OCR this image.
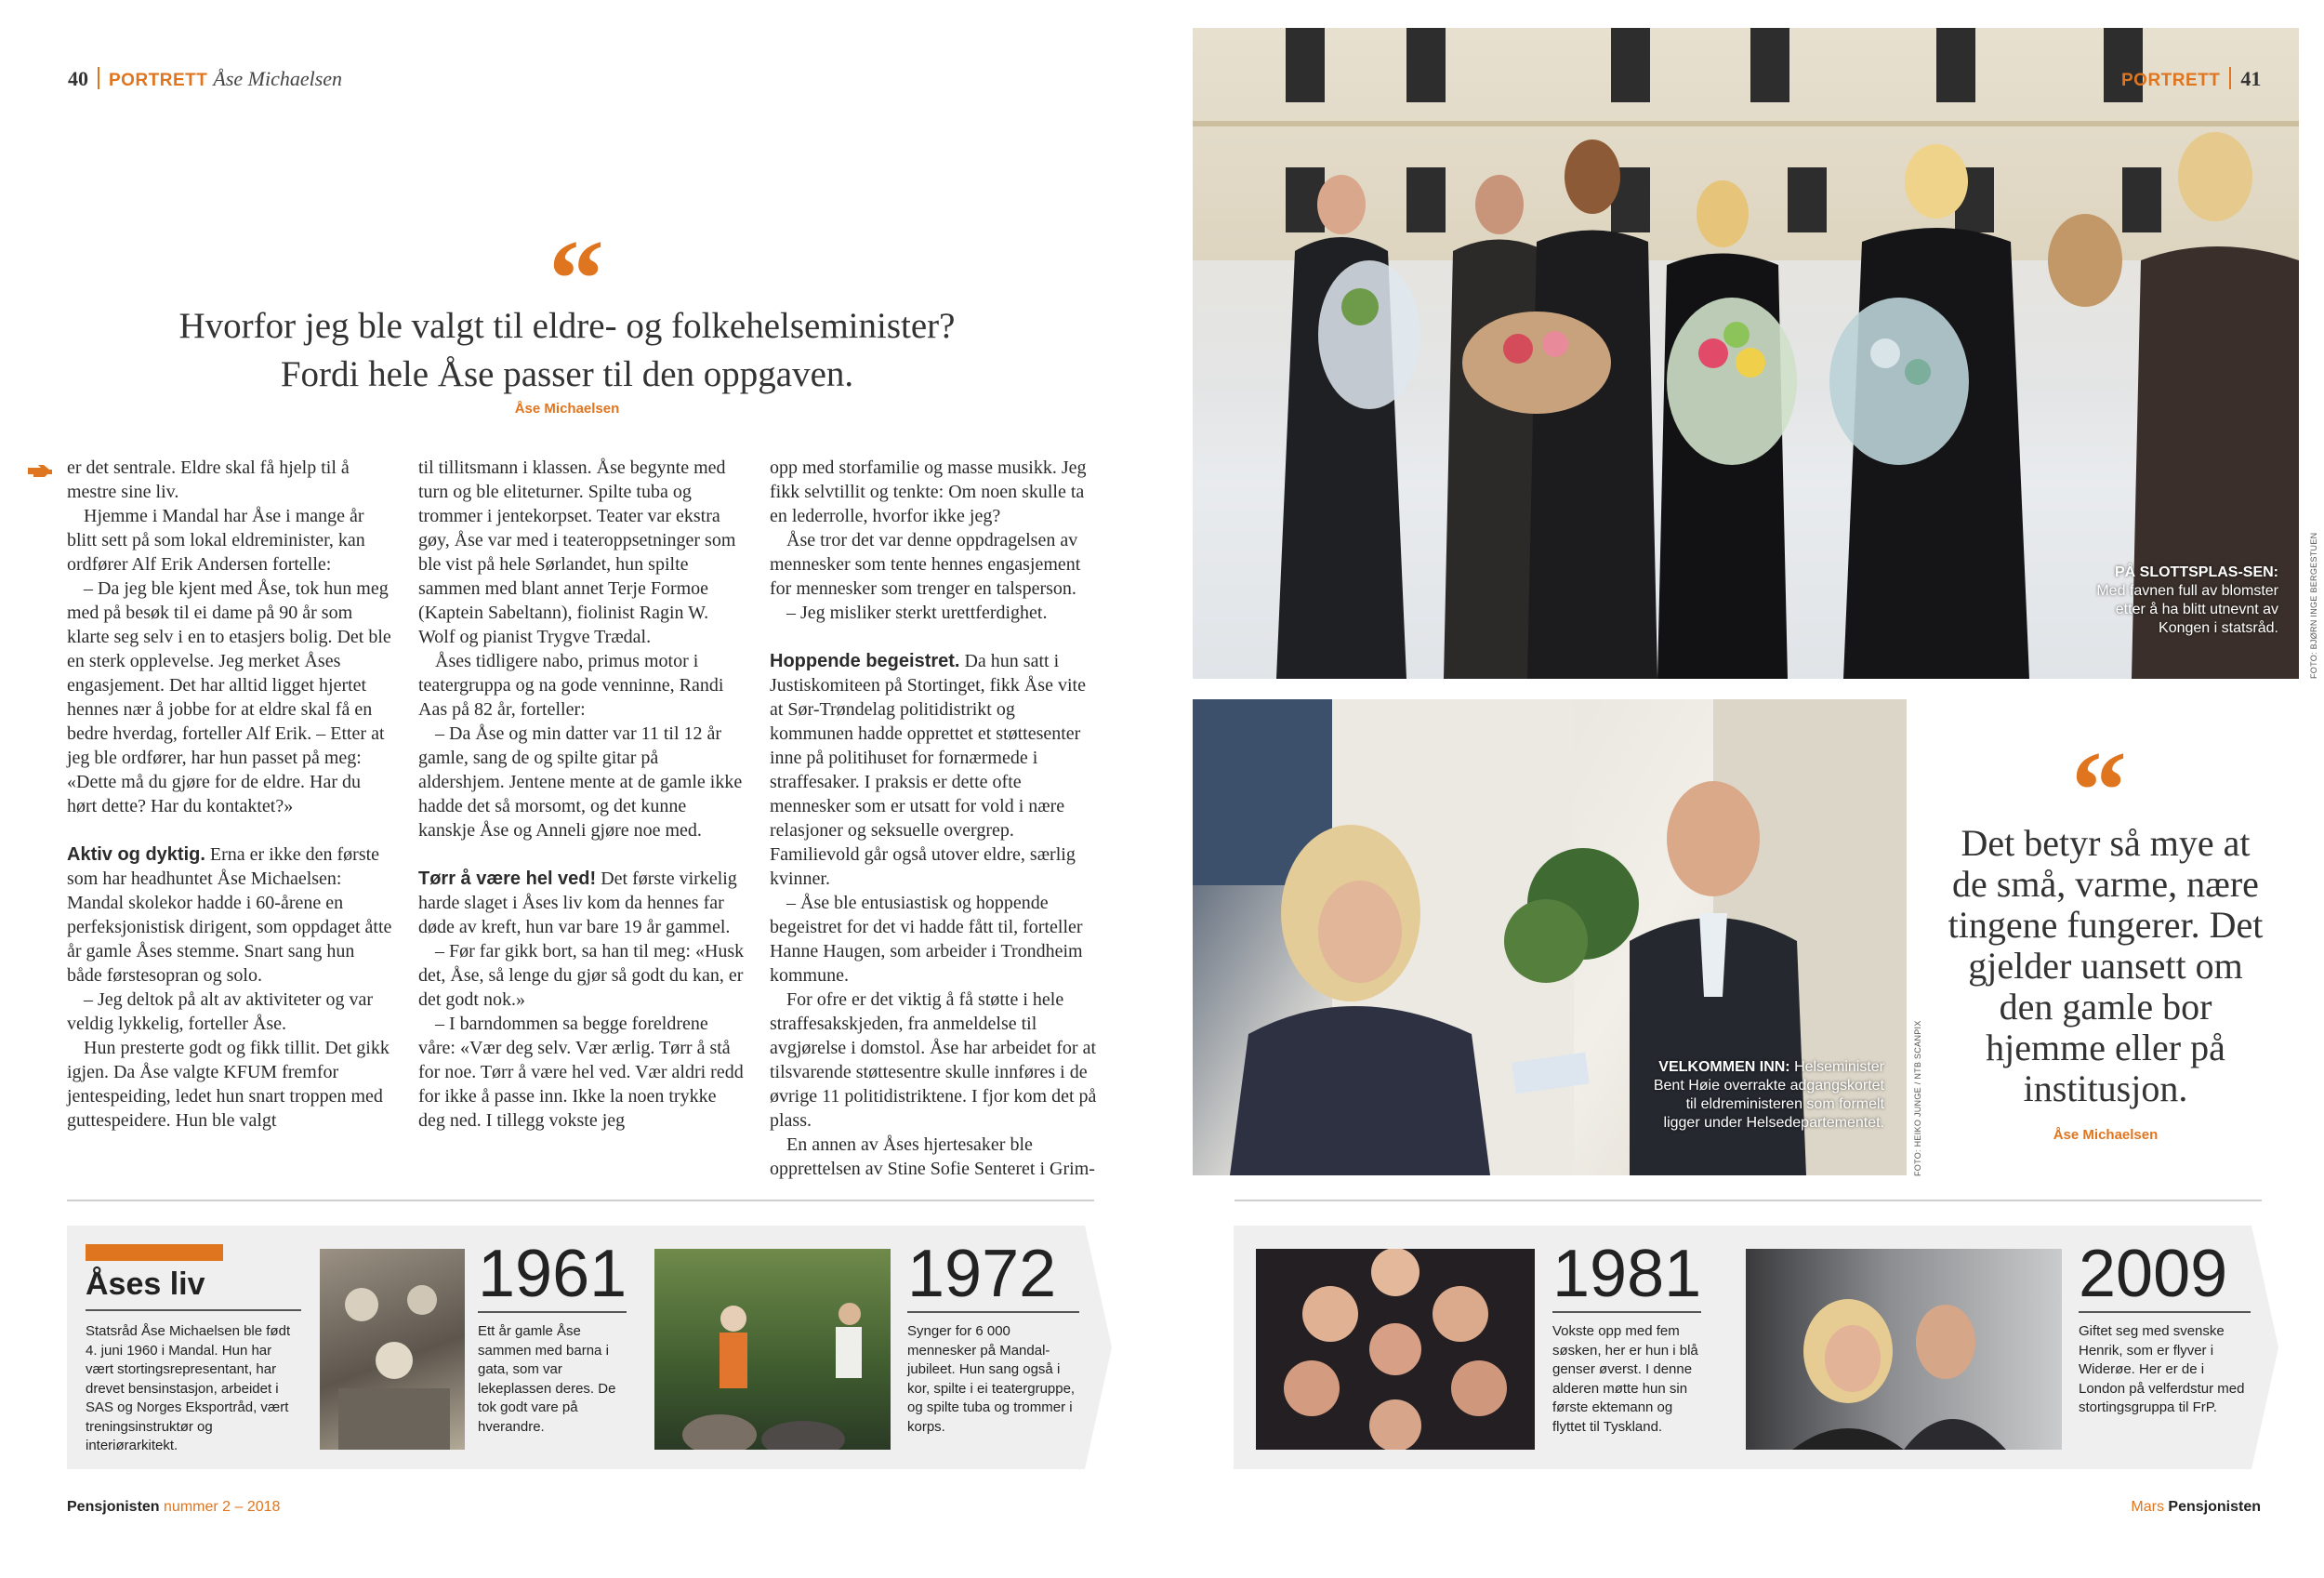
40 PORTRETT Åse Michaelsen
“
Hvorfor jeg ble valgt til eldre- og folkehelseminister?
Fordi hele Åse passer til den oppgaven.
Åse Michaelsen

er det sentrale. Eldre skal få hjelp til å mestre sine liv.

Hjemme i Mandal har Åse i mange år blitt sett på som lokal eldreminister, kan ordfører Alf Erik Andersen fortelle:

– Da jeg ble kjent med Åse, tok hun meg med på besøk til ei dame på 90 år som klarte seg selv i en to etasjers bolig. Det ble en sterk opplevelse. Jeg merket Åses engasjement. Det har alltid ligget hjertet hennes nær å jobbe for at eldre skal få en bedre hverdag, forteller Alf Erik. – Etter at jeg ble ordfører, har hun passet på meg: «Dette må du gjøre for de eldre. Har du hørt dette? Har du kontaktet?»

Aktiv og dyktig. Erna er ikke den første som har headhuntet Åse Michaelsen: Mandal skolekor hadde i 60-årene en perfeksjonistisk dirigent, som oppdaget åtte år gamle Åses stemme. Snart sang hun både førstesopran og solo.

– Jeg deltok på alt av aktiviteter og var veldig lykkelig, forteller Åse.

Hun presterte godt og fikk tillit. Det gikk igjen. Da Åse valgte KFUM fremfor jentespeiding, ledet hun snart troppen med guttespeidere. Hun ble valgt

til tillitsmann i klassen. Åse begynte med turn og ble eliteturner. Spilte tuba og trommer i jentekorpset. Teater var ekstra gøy, Åse var med i teateroppsetninger som ble vist på hele Sørlandet, hun spilte sammen med blant annet Terje Formoe (Kaptein Sabeltann), fiolinist Ragin W. Wolf og pianist Trygve Trædal.

Åses tidligere nabo, primus motor i teatergruppa og na gode venninne, Randi Aas på 82 år, forteller:

– Da Åse og min datter var 11 til 12 år gamle, sang de og spilte gitar på aldershjem. Jentene mente at de gamle ikke hadde det så morsomt, og det kunne kanskje Åse og Anneli gjøre noe med.

Tørr å være hel ved! Det første virkelig harde slaget i Åses liv kom da hennes far døde av kreft, hun var bare 19 år gammel.

– Før far gikk bort, sa han til meg: «Husk det, Åse, så lenge du gjør så godt du kan, er det godt nok.»

– I barndommen sa begge foreldrene våre: «Vær deg selv. Vær ærlig. Tørr å stå for noe. Tørr å være hel ved. Vær aldri redd for ikke å passe inn. Ikke la noen trykke deg ned. I tillegg vokste jeg

opp med storfamilie og masse musikk. Jeg fikk selvtillit og tenkte: Om noen skulle ta en lederrolle, hvorfor ikke jeg?

Åse tror det var denne oppdragelsen av mennesker som tente hennes engasjement for mennesker som trenger en talsperson.

– Jeg misliker sterkt urettferdighet.

Hoppende begeistret. Da hun satt i Justiskomiteen på Stortinget, fikk Åse vite at Sør-Trøndelag politidistrikt og kommunen hadde opprettet et støttesenter inne på politihuset for fornærmede i straffesaker. I praksis er dette ofte mennesker som er utsatt for vold i nære relasjoner og seksuelle overgrep. Familievold går også utover eldre, særlig kvinner.

– Åse ble entusiastisk og hoppende begeistret for det vi hadde fått til, forteller Hanne Haugen, som arbeider i Trondheim kommune.

For ofre er det viktig å få støtte i hele straffesakskjeden, fra anmeldelse til avgjørelse i domstol. Åse har arbeidet for at tilsvarende støttesentre skulle innføres i de øvrige 11 politidistriktene. I fjor kom det på plass.

En annen av Åses hjertesaker ble opprettelsen av Stine Sofie Senteret i Grim-

PÅ SLOTTSPLAS-SEN: Med favnen full av blomster etter å ha blitt utnevnt av Kongen i statsråd.
PORTRETT 41
FOTO: BJØRN INGE BERGESTUEN
VELKOMMEN INN: Helseminister Bent Høie overrakte adgangskortet til eldreministeren som formelt ligger under Helsedepartementet.	FOTO: HEIKO JUNGE / NTB SCANPIX
“
Det betyr så mye at de små, varme, nære tingene fungerer. Det gjelder uansett om den gamle bor hjemme eller på institusjon.
Åse Michaelsen
Åses liv
Statsråd Åse Michaelsen ble født 4. juni 1960 i Mandal. Hun har vært stortingsrepresentant, har drevet bensinstasjon, arbeidet i SAS og Norges Eksportråd, vært treningsinstruktør og interiørarkitekt.
1961
Ett år gamle Åse sammen med barna i gata, som var lekeplassen deres. De tok godt vare på hverandre.
1972
Synger for 6 000 mennesker på Mandal-jubileet. Hun sang også i kor, spilte i ei teatergruppe, og spilte tuba og trommer i korps.
1981
Vokste opp med fem søsken, her er hun i blå genser øverst. I denne alderen møtte hun sin første ektemann og flyttet til Tyskland.
2009
Giftet seg med svenske Henrik, som er flyver i Widerøe. Her er de i London på velferdstur med stortingsgruppa til FrP.
Pensjonisten nummer 2 – 2018	Mars Pensjonisten
